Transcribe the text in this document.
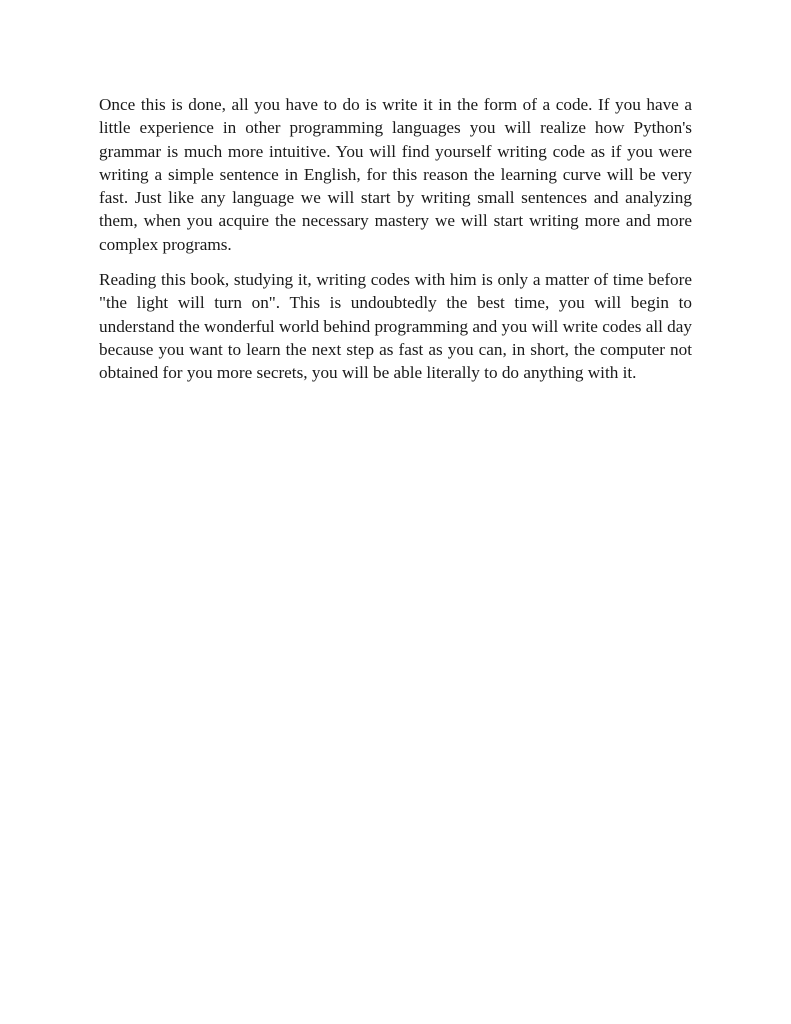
Once this is done, all you have to do is write it in the form of a code. If you have a little experience in other programming languages you will realize how Python's grammar is much more intuitive. You will find yourself writing code as if you were writing a simple sentence in English, for this reason the learning curve will be very fast. Just like any language we will start by writing small sentences and analyzing them, when you acquire the necessary mastery we will start writing more and more complex programs.

Reading this book, studying it, writing codes with him is only a matter of time before "the light will turn on". This is undoubtedly the best time, you will begin to understand the wonderful world behind programming and you will write codes all day because you want to learn the next step as fast as you can, in short, the computer not obtained for you more secrets, you will be able literally to do anything with it.
